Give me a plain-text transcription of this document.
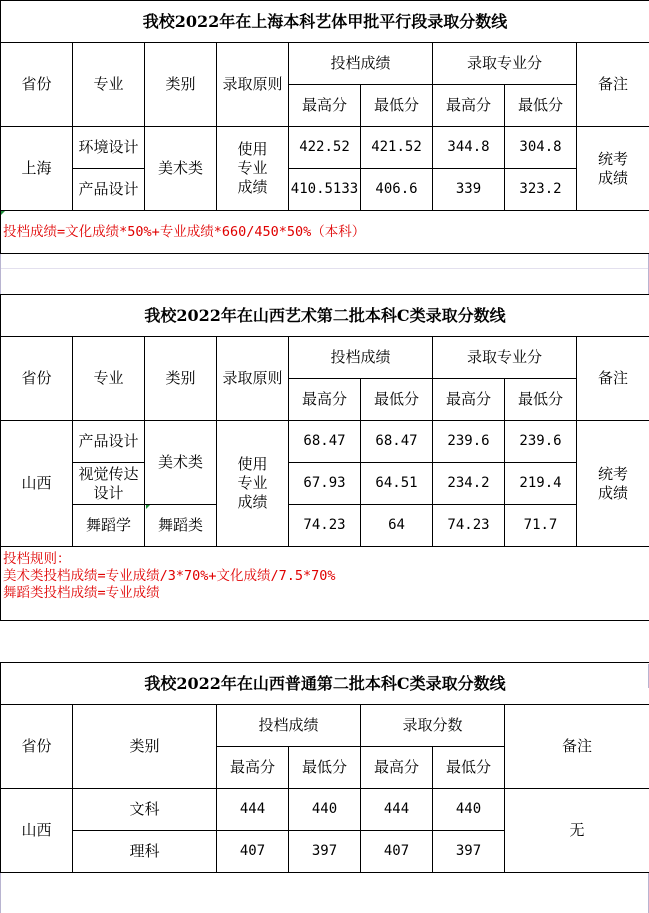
我校2022年在上海本科艺体甲批平行段录取分数线								
省份	专业	类别	录取原则	投档成绩		录取专业分		备注
				最高分	最低分	最高分	最低分	
上海	环境设计	美术类	使用专业成绩	422.52	421.52	344.8	304.8	统考成绩
	产品设计			410.5133	406.6	339	323.2	
投档成绩=文化成绩*50%+专业成绩*660/450*50%（本科）								
我校2022年在山西艺术第二批本科C类录取分数线								
省份	专业	类别	录取原则	投档成绩		录取专业分		备注
				最高分	最低分	最高分	最低分	
山西	产品设计	美术类	使用专业成绩	68.47	68.47	239.6	239.6	统考成绩
	视觉传达设计			67.93	64.51	234.2	219.4	
	舞蹈学	舞蹈类		74.23	64	74.23	71.7	

投档规则：
美术类投档成绩=专业成绩/3*70%+文化成绩/7.5*70%
舞蹈类投档成绩=专业成绩								
我校2022年在山西普通第二批本科C类录取分数线						
省份	类别	投档成绩		录取分数		备注
		最高分	最低分	最高分	最低分	
山西	文科	444	440	444	440	无
	理科	407	397	407	397	
